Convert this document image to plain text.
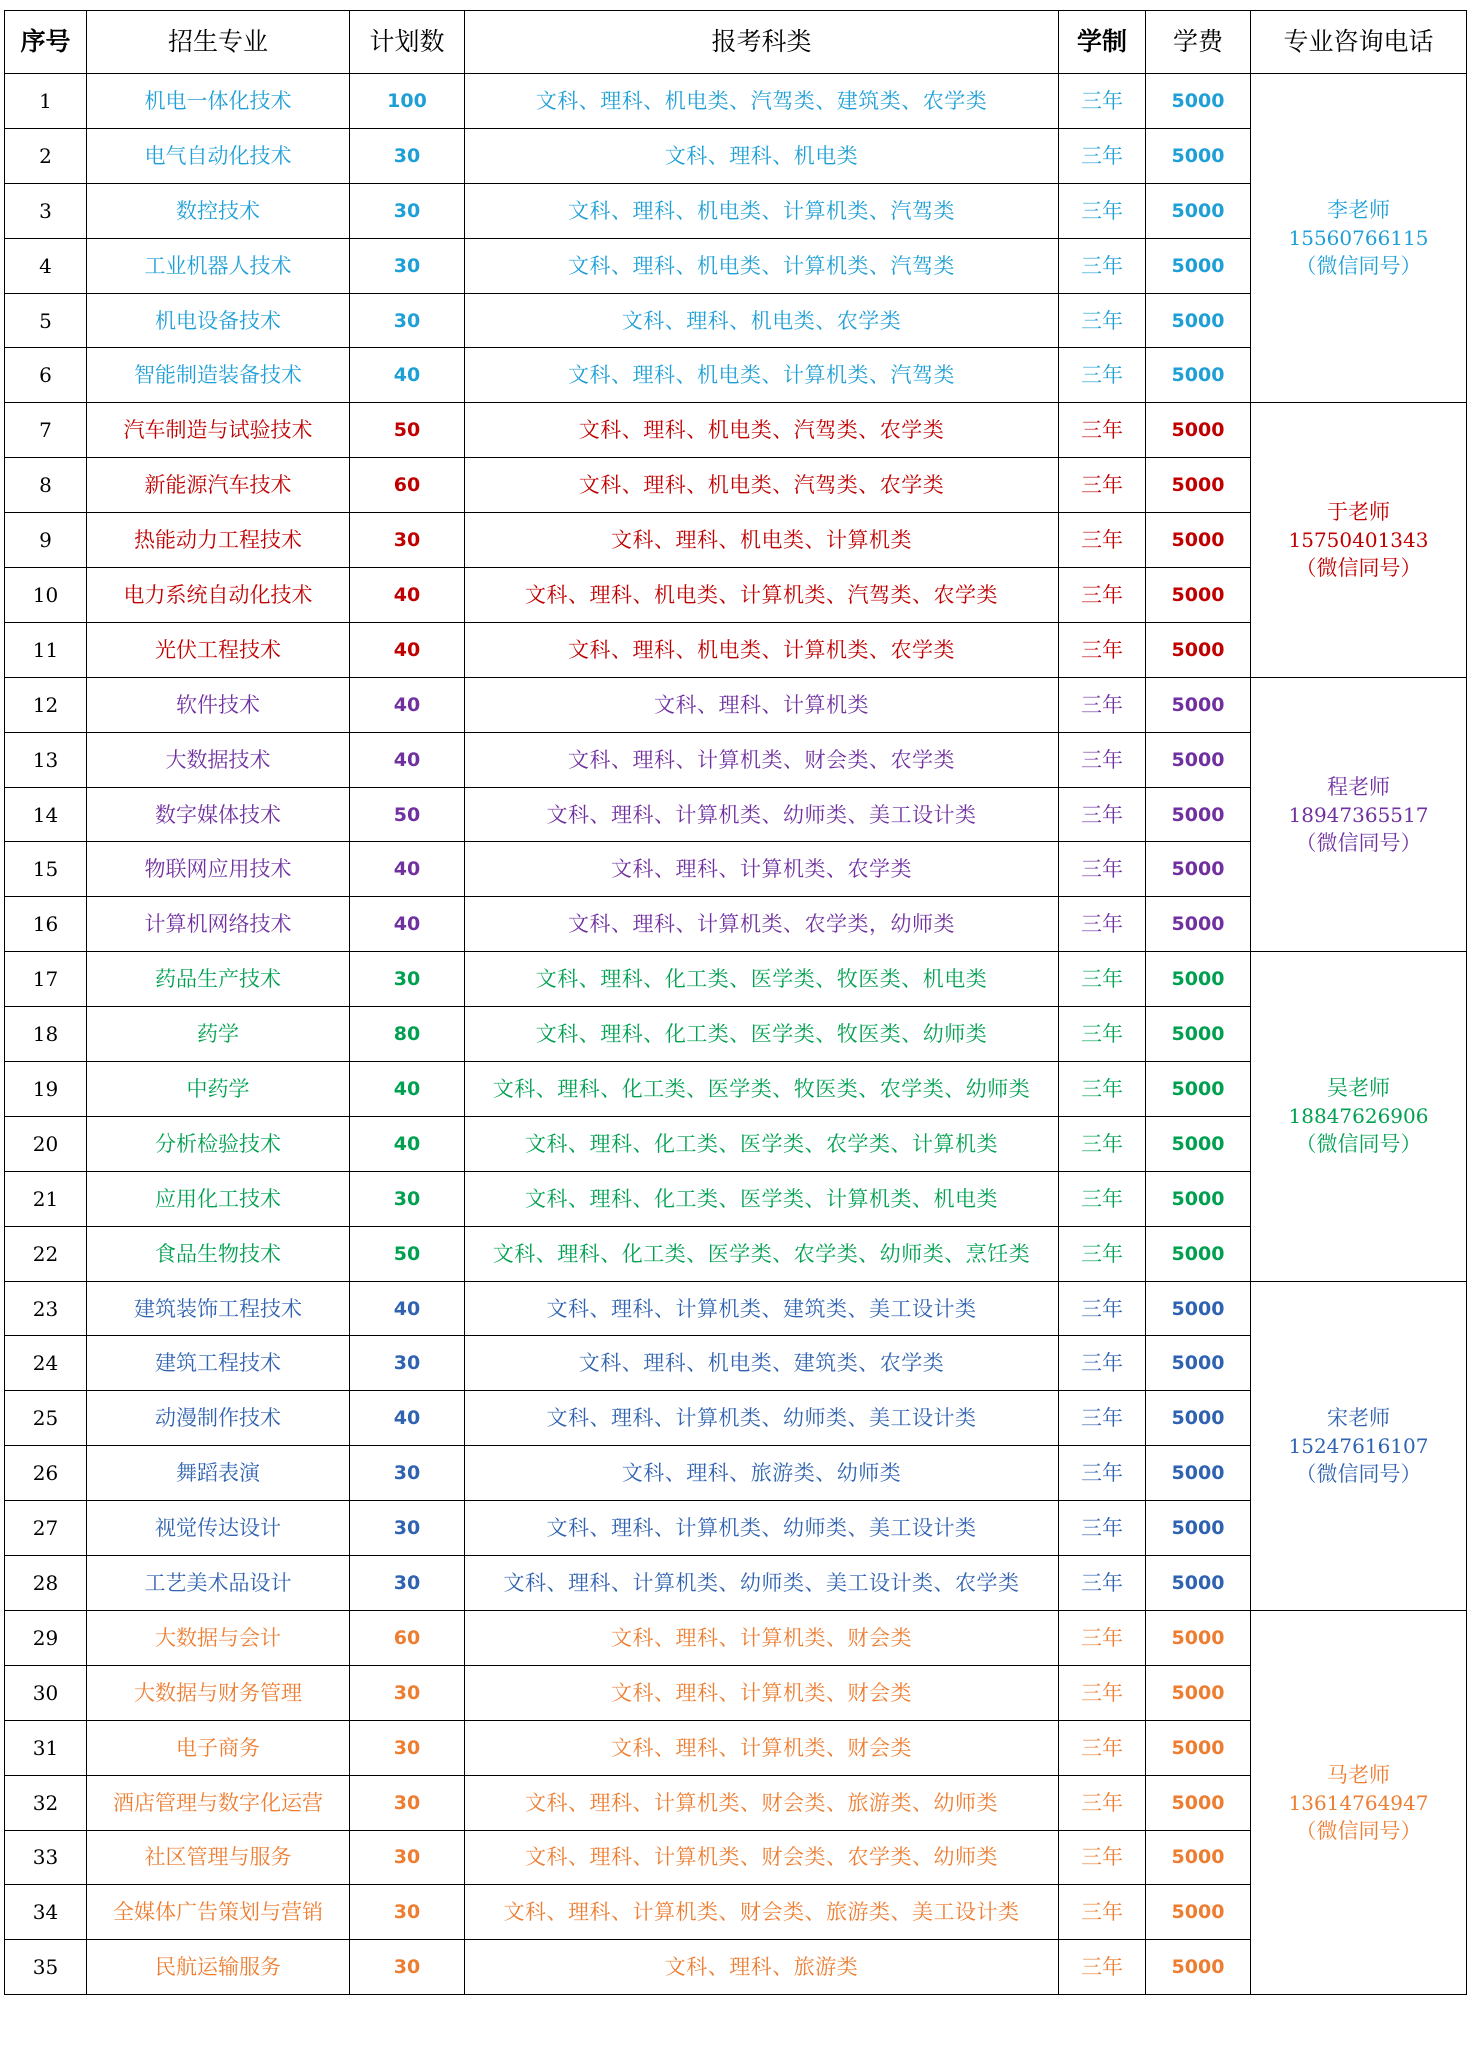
序号	招生专业	计划数	报考科类	学制	学费	专业咨询电话
1	机电一体化技术	100	文科、理科、机电类、汽驾类、建筑类、农学类	三年	5000	李老师
15560766115
（微信同号）

2	电气自动化技术	30	文科、理科、机电类	三年	5000	
3	数控技术	30	文科、理科、机电类、计算机类、汽驾类	三年	5000	
4	工业机器人技术	30	文科、理科、机电类、计算机类、汽驾类	三年	5000	
5	机电设备技术	30	文科、理科、机电类、农学类	三年	5000	
6	智能制造装备技术	40	文科、理科、机电类、计算机类、汽驾类	三年	5000	
7	汽车制造与试验技术	50	文科、理科、机电类、汽驾类、农学类	三年	5000	于老师
15750401343
（微信同号）

8	新能源汽车技术	60	文科、理科、机电类、汽驾类、农学类	三年	5000	
9	热能动力工程技术	30	文科、理科、机电类、计算机类	三年	5000	
10	电力系统自动化技术	40	文科、理科、机电类、计算机类、汽驾类、农学类	三年	5000	
11	光伏工程技术	40	文科、理科、机电类、计算机类、农学类	三年	5000	
12	软件技术	40	文科、理科、计算机类	三年	5000	程老师
18947365517
（微信同号）

13	大数据技术	40	文科、理科、计算机类、财会类、农学类	三年	5000	
14	数字媒体技术	50	文科、理科、计算机类、幼师类、美工设计类	三年	5000	
15	物联网应用技术	40	文科、理科、计算机类、农学类	三年	5000	
16	计算机网络技术	40	文科、理科、计算机类、农学类，幼师类	三年	5000	
17	药品生产技术	30	文科、理科、化工类、医学类、牧医类、机电类	三年	5000	吴老师
18847626906
（微信同号）

18	药学	80	文科、理科、化工类、医学类、牧医类、幼师类	三年	5000	
19	中药学	40	文科、理科、化工类、医学类、牧医类、农学类、幼师类	三年	5000	
20	分析检验技术	40	文科、理科、化工类、医学类、农学类、计算机类	三年	5000	
21	应用化工技术	30	文科、理科、化工类、医学类、计算机类、机电类	三年	5000	
22	食品生物技术	50	文科、理科、化工类、医学类、农学类、幼师类、烹饪类	三年	5000	
23	建筑装饰工程技术	40	文科、理科、计算机类、建筑类、美工设计类	三年	5000	宋老师
15247616107
（微信同号）

24	建筑工程技术	30	文科、理科、机电类、建筑类、农学类	三年	5000	
25	动漫制作技术	40	文科、理科、计算机类、幼师类、美工设计类	三年	5000	
26	舞蹈表演	30	文科、理科、旅游类、幼师类	三年	5000	
27	视觉传达设计	30	文科、理科、计算机类、幼师类、美工设计类	三年	5000	
28	工艺美术品设计	30	文科、理科、计算机类、幼师类、美工设计类、农学类	三年	5000	
29	大数据与会计	60	文科、理科、计算机类、财会类	三年	5000	马老师
13614764947
（微信同号）

30	大数据与财务管理	30	文科、理科、计算机类、财会类	三年	5000	
31	电子商务	30	文科、理科、计算机类、财会类	三年	5000	
32	酒店管理与数字化运营	30	文科、理科、计算机类、财会类、旅游类、幼师类	三年	5000	
33	社区管理与服务	30	文科、理科、计算机类、财会类、农学类、幼师类	三年	5000	
34	全媒体广告策划与营销	30	文科、理科、计算机类、财会类、旅游类、美工设计类	三年	5000	
35	民航运输服务	30	文科、理科、旅游类	三年	5000	
